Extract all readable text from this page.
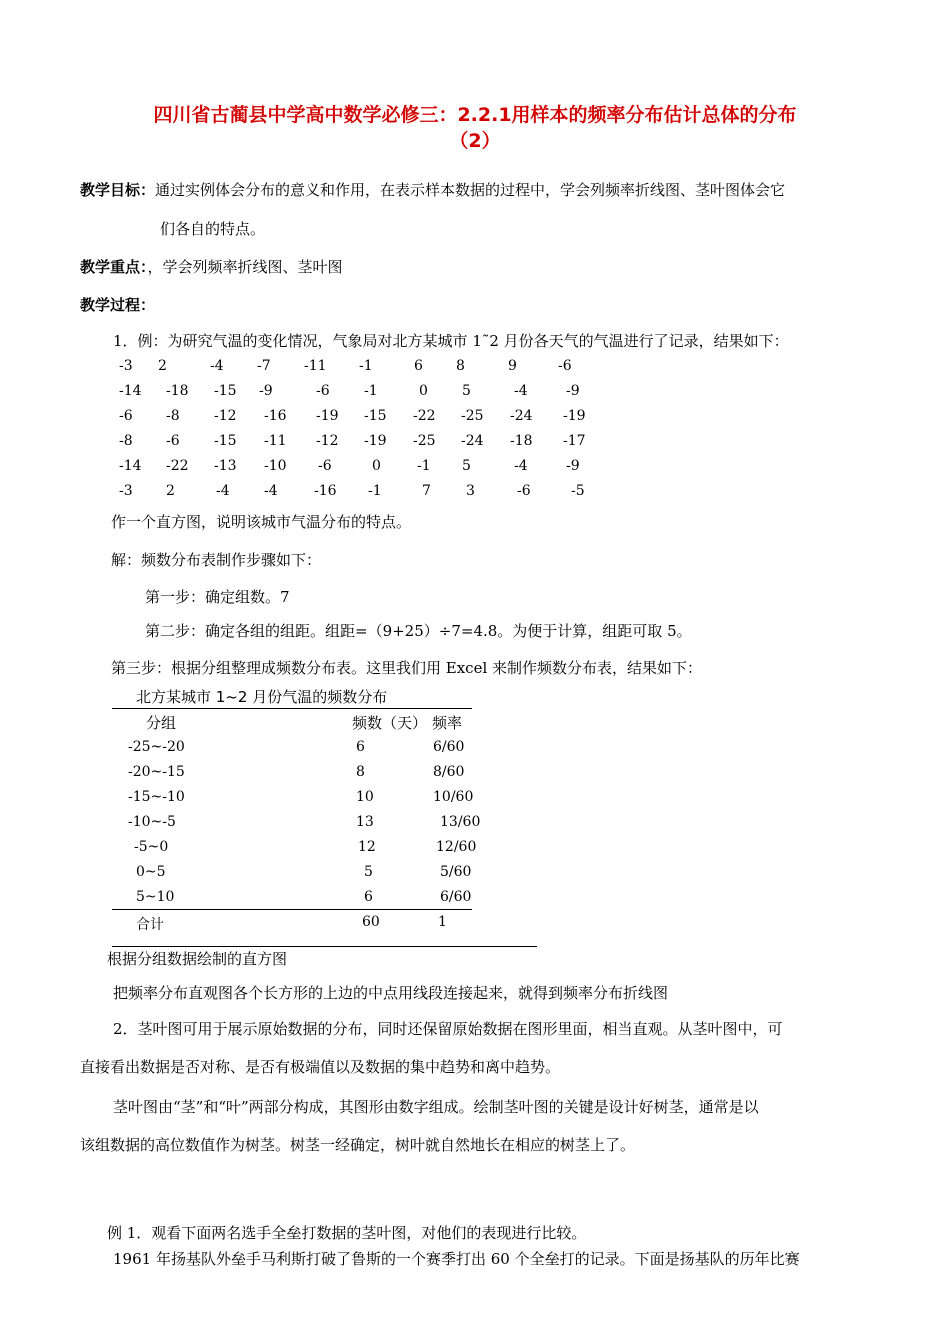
四川省古蔺县中学高中数学必修三：2.2.1用样本的频率分布估计总体的分布
（2）
教学目标：通过实例体会分布的意义和作用，在表示样本数据的过程中，学会列频率折线图、茎叶图体会它
们各自的特点。
教学重点：，学会列频率折线图、茎叶图
教学过程：
1．例：为研究气温的变化情况，气象局对北方某城市 1˜2 月份各天气的气温进行了记录，结果如下：
-3 2	-4 -7 -11 -1	6 8	9	-6
-14 -18 -15 -9	-6 -1	0 5	-4	-9
-6 -8 -12 -16 -19 -15 -22 -25 -24 -19
-8 -6 -15 -11 -12 -19 -25 -24 -18 -17
-14 -22 -13 -10 -6	0	-1 5	-4	-9
-3 2	-4 -4	-16 -1	7	3	-6	-5
作一个直方图，说明该城市气温分布的特点。
解：频数分布表制作步骤如下：
第一步：确定组数。7
第二步：确定各组的组距。组距=（9+25）÷7=4.8。为便于计算，组距可取 5。
第三步：根据分组整理成频数分布表。这里我们用 Excel 来制作频数分布表，结果如下：
北方某城市 1~2 月份气温的频数分布
分组	频数（天） 频率
-25~-20	6	6/60
-20~-15	8	8/60
-15~-10	10	10/60
-10~-5	13	13/60
-5~0	12	12/60
0~5	5	5/60
5~10	6	6/60
合计	60	1
根据分组数据绘制的直方图
把频率分布直观图各个长方形的上边的中点用线段连接起来，就得到频率分布折线图
2．茎叶图可用于展示原始数据的分布，同时还保留原始数据在图形里面，相当直观。从茎叶图中，可
直接看出数据是否对称、是否有极端值以及数据的集中趋势和离中趋势。
茎叶图由“茎”和“叶”两部分构成，其图形由数字组成。绘制茎叶图的关键是设计好树茎，通常是以
该组数据的高位数值作为树茎。树茎一经确定，树叶就自然地长在相应的树茎上了。
例 1．观看下面两名选手全垒打数据的茎叶图，对他们的表现进行比较。
1961 年扬基队外垒手马利斯打破了鲁斯的一个赛季打出 60 个全垒打的记录。下面是扬基队的历年比赛
